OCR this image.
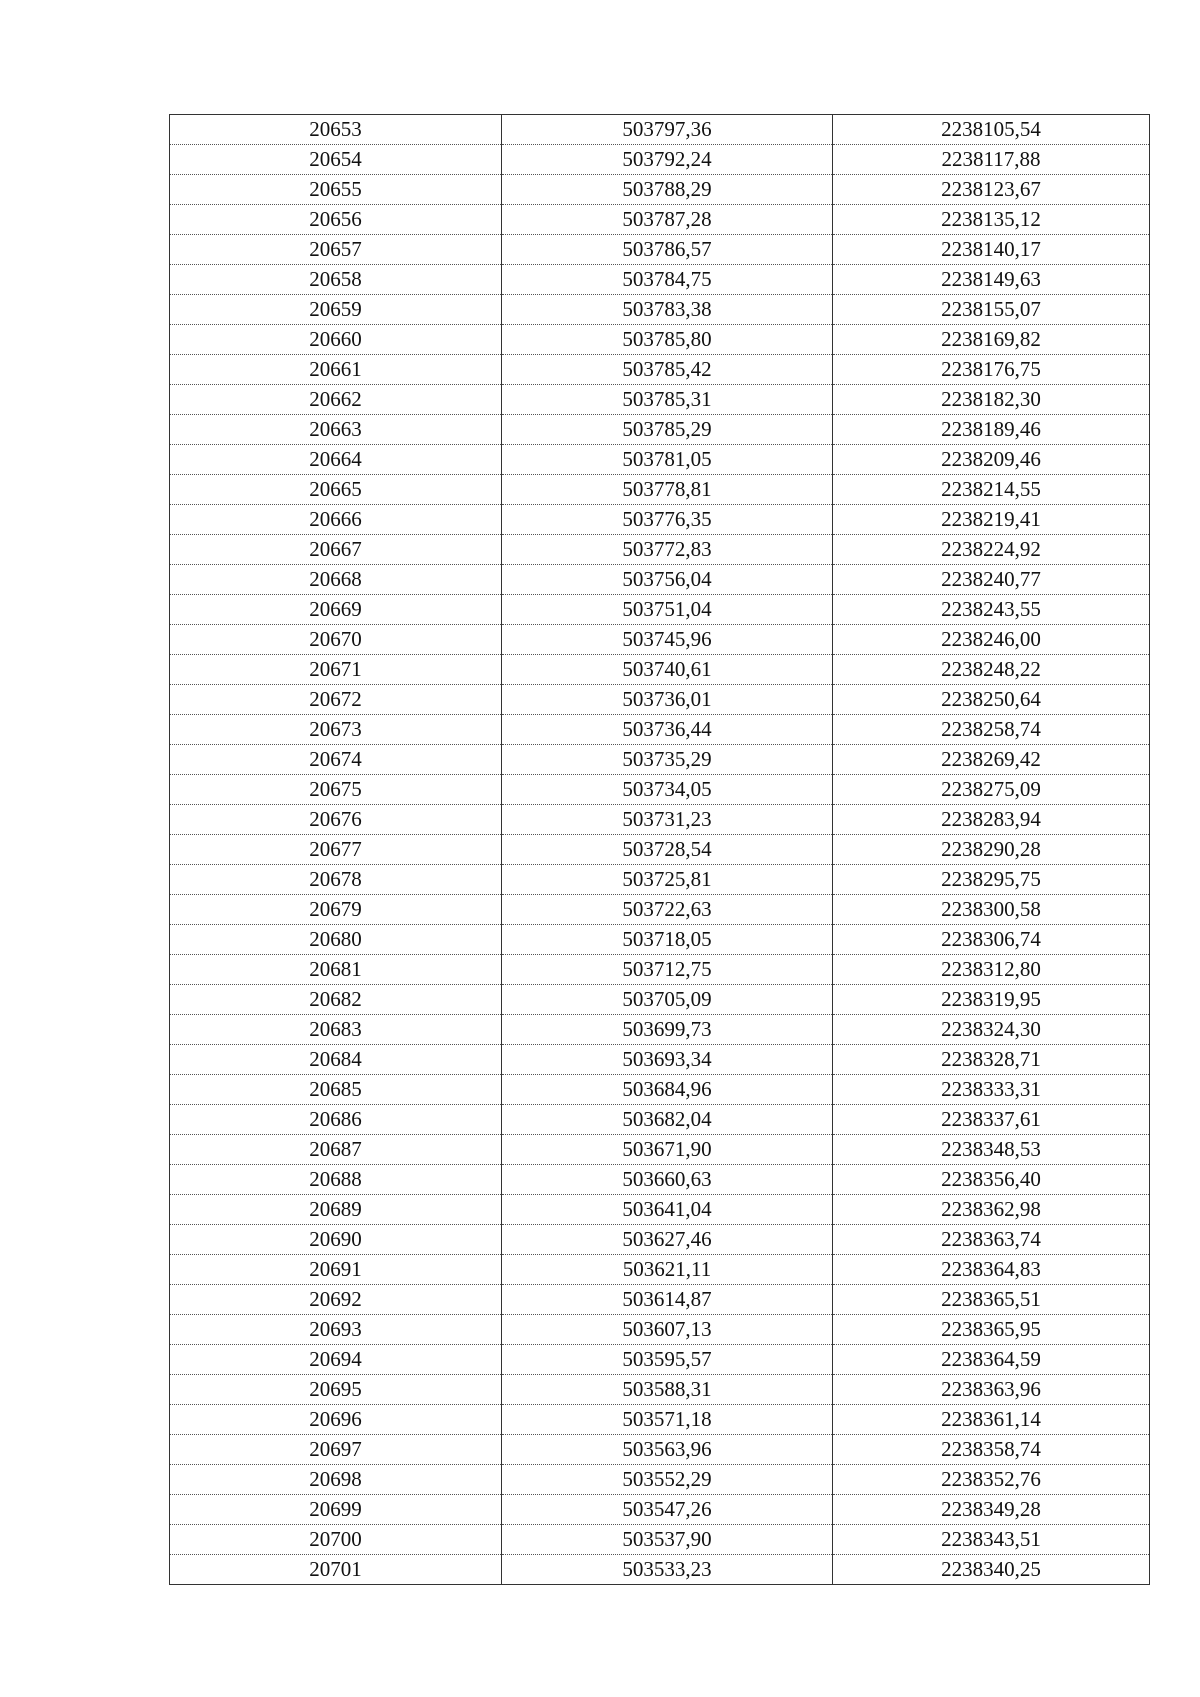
20653	503797,36	2238105,54
20654	503792,24	2238117,88
20655	503788,29	2238123,67
20656	503787,28	2238135,12
20657	503786,57	2238140,17
20658	503784,75	2238149,63
20659	503783,38	2238155,07
20660	503785,80	2238169,82
20661	503785,42	2238176,75
20662	503785,31	2238182,30
20663	503785,29	2238189,46
20664	503781,05	2238209,46
20665	503778,81	2238214,55
20666	503776,35	2238219,41
20667	503772,83	2238224,92
20668	503756,04	2238240,77
20669	503751,04	2238243,55
20670	503745,96	2238246,00
20671	503740,61	2238248,22
20672	503736,01	2238250,64
20673	503736,44	2238258,74
20674	503735,29	2238269,42
20675	503734,05	2238275,09
20676	503731,23	2238283,94
20677	503728,54	2238290,28
20678	503725,81	2238295,75
20679	503722,63	2238300,58
20680	503718,05	2238306,74
20681	503712,75	2238312,80
20682	503705,09	2238319,95
20683	503699,73	2238324,30
20684	503693,34	2238328,71
20685	503684,96	2238333,31
20686	503682,04	2238337,61
20687	503671,90	2238348,53
20688	503660,63	2238356,40
20689	503641,04	2238362,98
20690	503627,46	2238363,74
20691	503621,11	2238364,83
20692	503614,87	2238365,51
20693	503607,13	2238365,95
20694	503595,57	2238364,59
20695	503588,31	2238363,96
20696	503571,18	2238361,14
20697	503563,96	2238358,74
20698	503552,29	2238352,76
20699	503547,26	2238349,28
20700	503537,90	2238343,51
20701	503533,23	2238340,25
